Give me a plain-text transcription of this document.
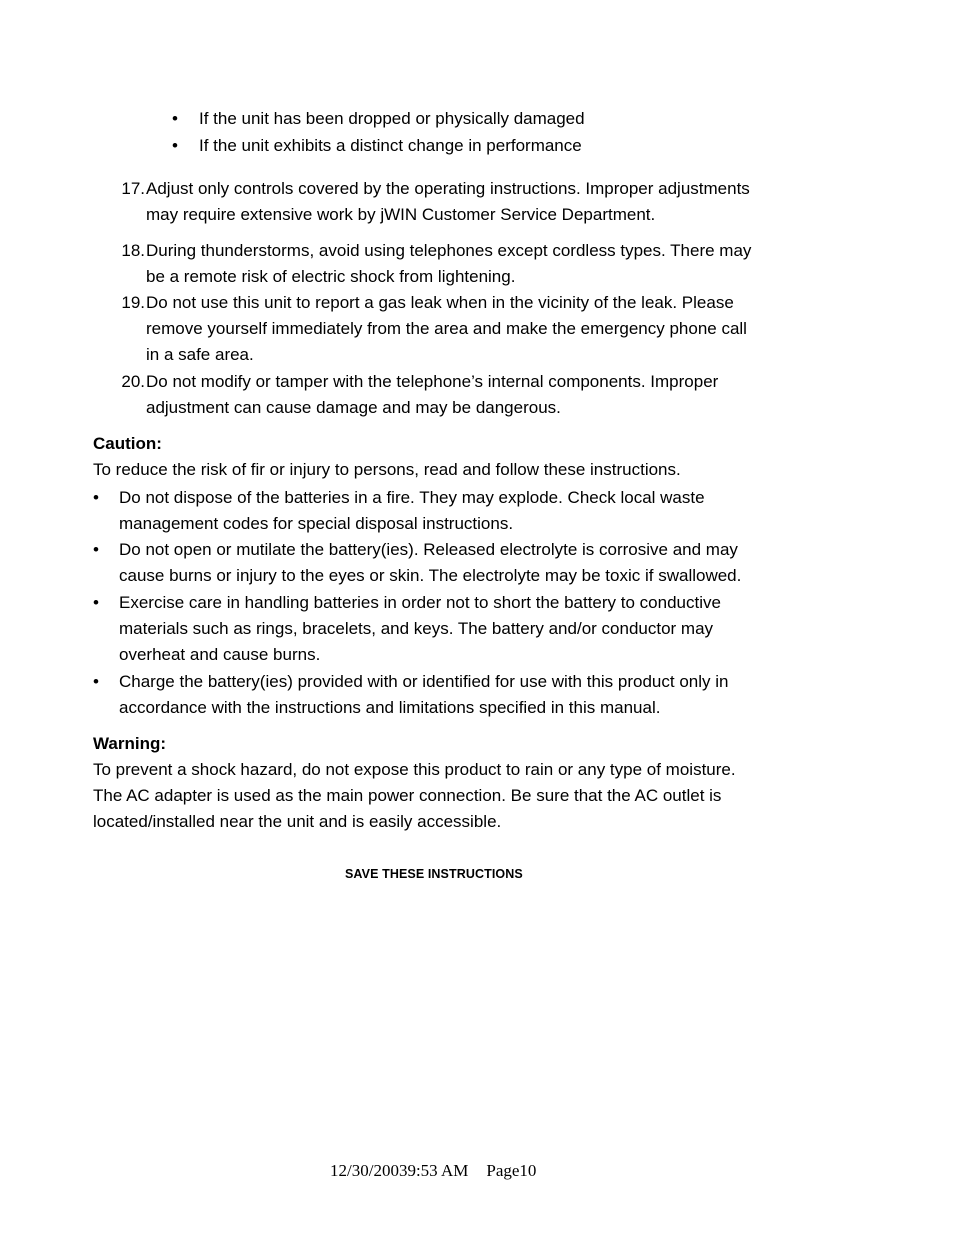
• If the unit has been dropped or physically damaged
• If the unit exhibits a distinct change in performance
17. Adjust only controls covered by the operating instructions. Improper adjustments
may require extensive work by jWIN Customer Service Department.
18. During thunderstorms, avoid using telephones except cordless types. There may
be a remote risk of electric shock from lightening.
19. Do not use this unit to report a gas leak when in the vicinity of the leak. Please
remove yourself immediately from the area and make the emergency phone call
in a safe area.
20. Do not modify or tamper with the telephone’s internal components. Improper
adjustment can cause damage and may be dangerous.
Caution:
To reduce the risk of fir or injury to persons, read and follow these instructions.
• Do not dispose of the batteries in a fire. They may explode. Check local waste
management codes for special disposal instructions.
• Do not open or mutilate the battery(ies). Released electrolyte is corrosive and may
cause burns or injury to the eyes or skin. The electrolyte may be toxic if swallowed.
• Exercise care in handling batteries in order not to short the battery to conductive
materials such as rings, bracelets, and keys. The battery and/or conductor may
overheat and cause burns.
• Charge the battery(ies) provided with or identified for use with this product only in
accordance with the instructions and limitations specified in this manual.
Warning:
To prevent a shock hazard, do not expose this product to rain or any type of moisture.
The AC adapter is used as the main power connection. Be sure that the AC outlet is
located/installed near the unit and is easily accessible.
SAVE THESE INSTRUCTIONS
12/30/20039:53 AM Page10
